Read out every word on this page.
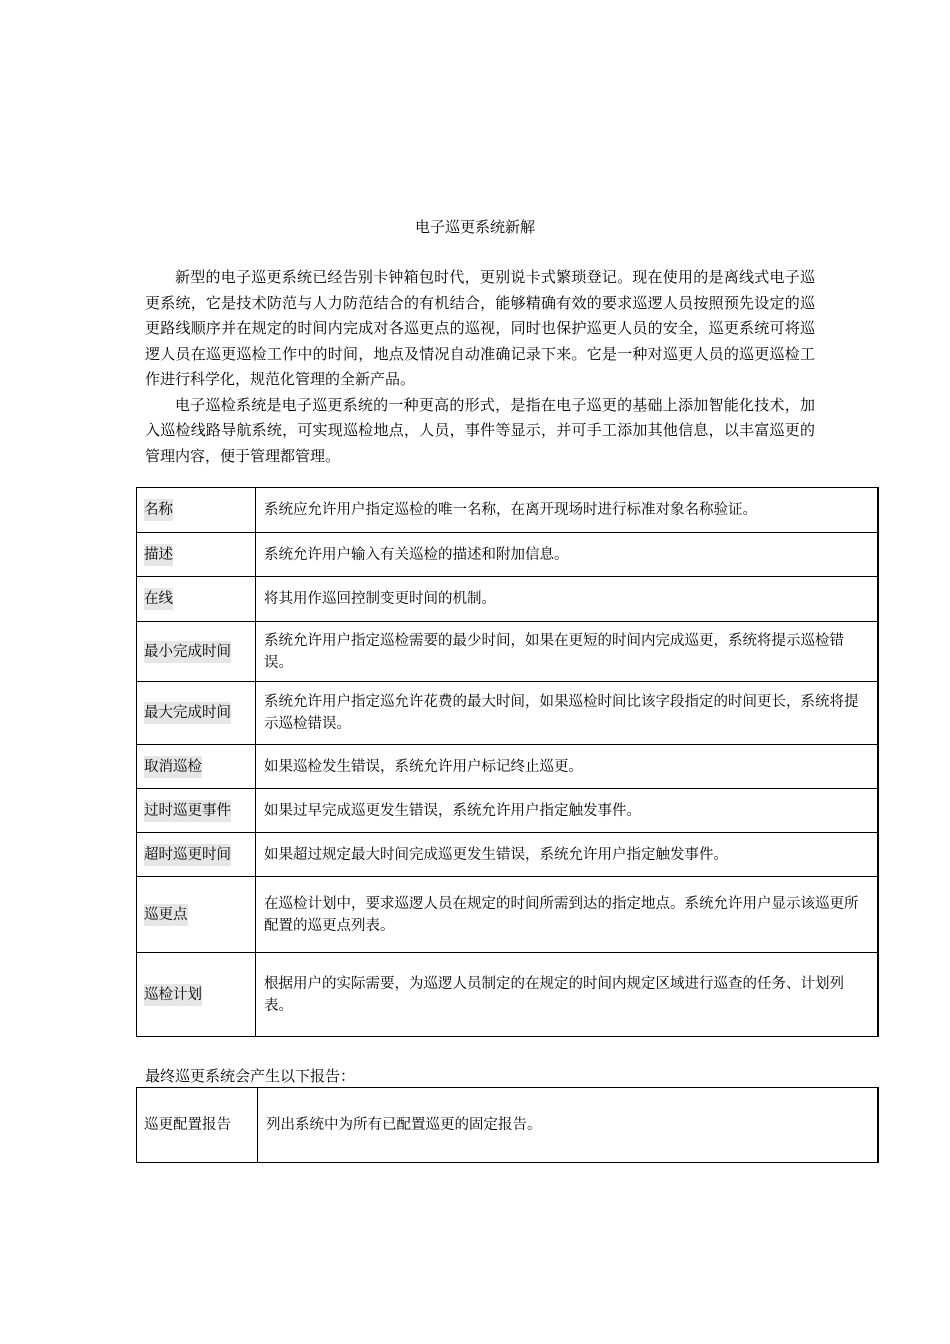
电子巡更系统新解

新型的电子巡更系统已经告别卡钟箱包时代，更别说卡式繁琐登记。现在使用的是离线式电子巡更系统，它是技术防范与人力防范结合的有机结合，能够精确有效的要求巡逻人员按照预先设定的巡更路线顺序并在规定的时间内完成对各巡更点的巡视，同时也保护巡更人员的安全，巡更系统可将巡逻人员在巡更巡检工作中的时间，地点及情况自动准确记录下来。它是一种对巡更人员的巡更巡检工作进行科学化，规范化管理的全新产品。

电子巡检系统是电子巡更系统的一种更高的形式，是指在电子巡更的基础上添加智能化技术，加入巡检线路导航系统，可实现巡检地点，人员，事件等显示，并可手工添加其他信息，以丰富巡更的管理内容，便于管理都管理。

名称	系统应允许用户指定巡检的唯一名称，在离开现场时进行标准对象名称验证。
描述	系统允许用户输入有关巡检的描述和附加信息。
在线	将其用作巡回控制变更时间的机制。
最小完成时间	系统允许用户指定巡检需要的最少时间，如果在更短的时间内完成巡更，系统将提示巡检错误。
最大完成时间	系统允许用户指定巡允许花费的最大时间，如果巡检时间比该字段指定的时间更长，系统将提示巡检错误。
取消巡检	如果巡检发生错误，系统允许用户标记终止巡更。
过时巡更事件	如果过早完成巡更发生错误，系统允许用户指定触发事件。
超时巡更时间	如果超过规定最大时间完成巡更发生错误，系统允许用户指定触发事件。
巡更点	在巡检计划中，要求巡逻人员在规定的时间所需到达的指定地点。系统允许用户显示该巡更所配置的巡更点列表。
巡检计划	根据用户的实际需要，为巡逻人员制定的在规定的时间内规定区域进行巡查的任务、计划列表。
最终巡更系统会产生以下报告：
巡更配置报告	列出系统中为所有已配置巡更的固定报告。
